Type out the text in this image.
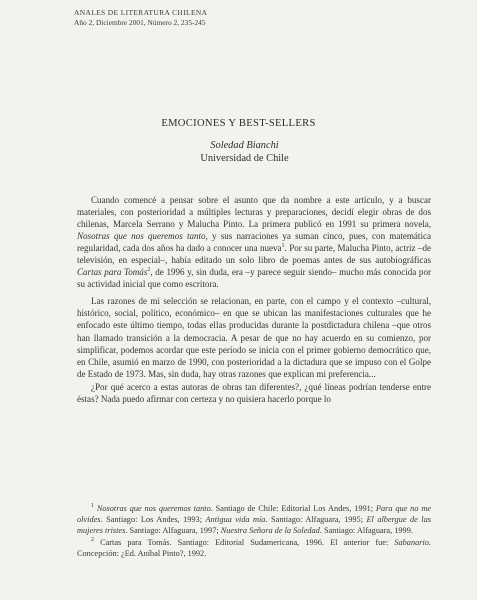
ANALES DE LITERATURA CHILENA
Año 2, Diciembre 2001, Número 2, 235-245
EMOCIONES Y BEST-SELLERS
Soledad Bianchi
Universidad de Chile

Cuando comencé a pensar sobre el asunto que da nombre a este artículo, y a buscar materiales, con posterioridad a múltiples lecturas y preparaciones, decidí elegir obras de dos chilenas, Marcela Serrano y Malucha Pinto. La primera publicó en 1991 su primera novela, Nosotras que nos queremos tanto, y sus narraciones ya suman cinco, pues, con matemática regularidad, cada dos años ha dado a conocer una nueva$^1$. Por su parte, Malucha Pinto, actriz –de televisión, en especial–, había editado un solo libro de poemas antes de sus autobiográficas Cartas para Tomás$^2$, de 1996 y, sin duda, era –y parece seguir siendo– mucho más conocida por su actividad inicial que como escritora.

Las razones de mi selección se relacionan, en parte, con el campo y el contexto –cultural, histórico, social, político, económico– en que se ubican las manifestaciones culturales que he enfocado este último tiempo, todas ellas producidas durante la postdictadura chilena –que otros han llamado transición a la democracia. A pesar de que no hay acuerdo en su comienzo, por simplificar, podemos acordar que este período se inicia con el primer gobierno democrático que, en Chile, asumió en marzo de 1990, con posterioridad a la dictadura que se impuso con el Golpe de Estado de 1973. Mas, sin duda, hay otras razones que explican mi preferencia...

¿Por qué acerco a estas autoras de obras tan diferentes?, ¿qué líneas podrían tenderse entre éstas? Nada puedo afirmar con certeza y no quisiera hacerlo porque lo

$^1$ Nosotras que nos queremos tanto. Santiago de Chile: Editorial Los Andes, 1991; Para que no me olvides. Santiago: Los Andes, 1993; Antigua vida mía. Santiago: Alfaguara, 1995; El albergue de las mujeres tristes. Santiago: Alfaguara, 1997; Nuestra Señora de la Soledad. Santiago: Alfaguara, 1999.

$^2$ Cartas para Tomás. Santiago: Editorial Sudamericana, 1996. El anterior fue: Sabanario. Concepción: ¿Ed. Aníbal Pinto?, 1992.
